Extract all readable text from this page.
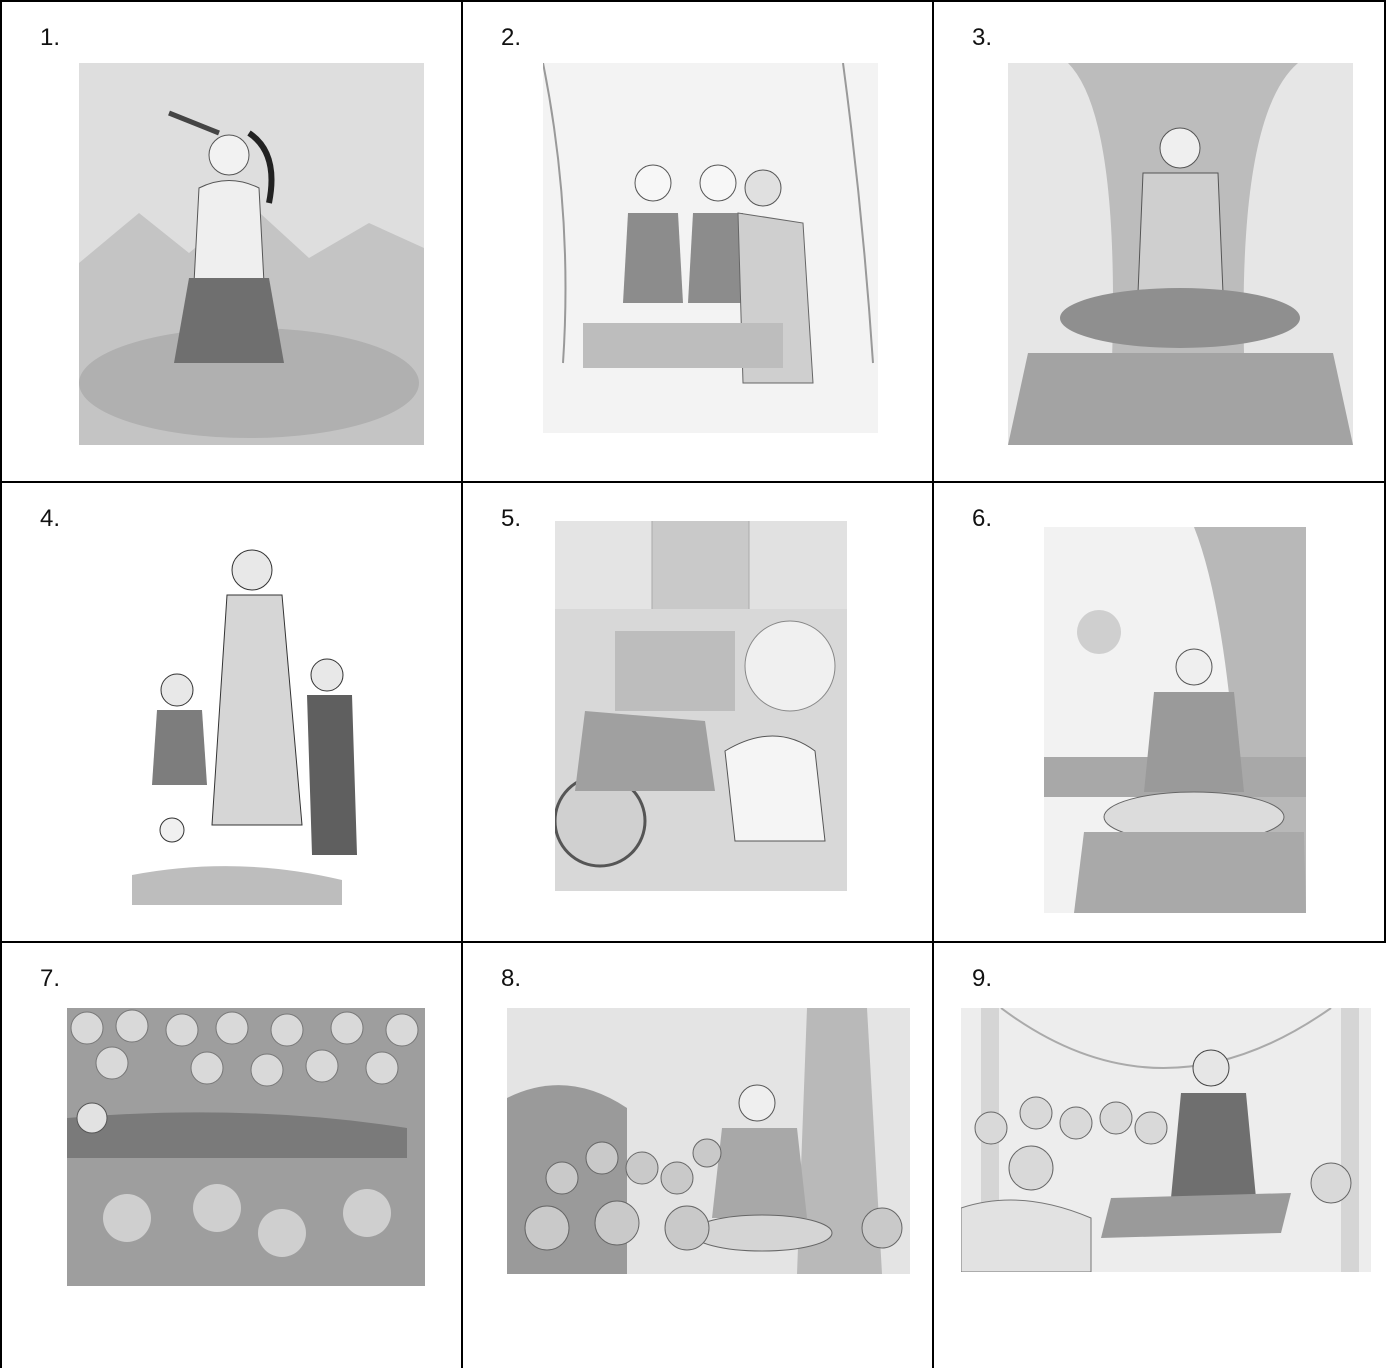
1.	2.	3.
4.	5.	6.
7.	8.	9.
